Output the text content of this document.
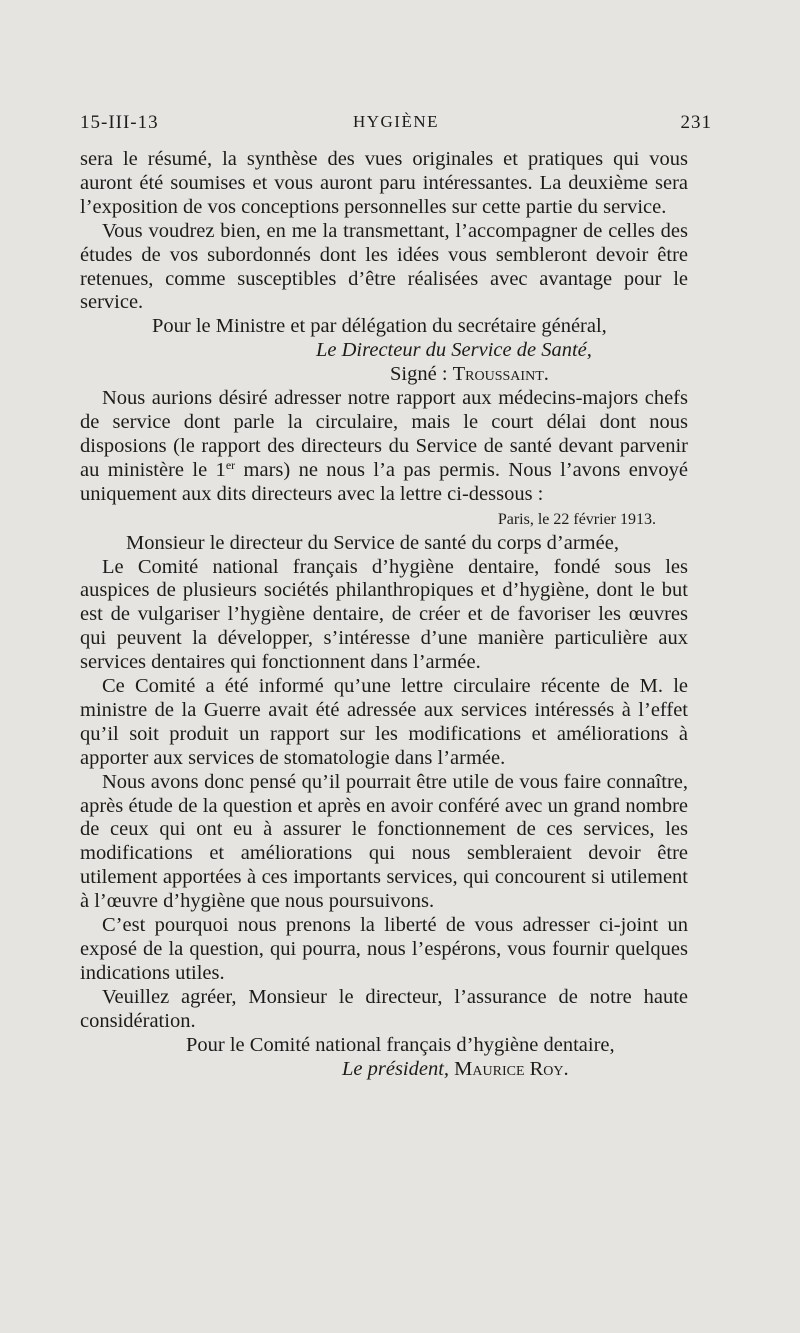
15-III-13	HYGIÈNE	231

sera le résumé, la synthèse des vues originales et pratiques qui vous auront été soumises et vous auront paru intéressantes. La deuxième sera l’exposition de vos conceptions personnelles sur cette partie du service.

Vous voudrez bien, en me la transmettant, l’accompagner de celles des études de vos subordonnés dont les idées vous sembleront devoir être retenues, comme susceptibles d’être réalisées avec avantage pour le service.

Pour le Ministre et par délégation du secrétaire général,

Le Directeur du Service de Santé,

Signé : Troussaint.

Nous aurions désiré adresser notre rapport aux médecins-majors chefs de service dont parle la circulaire, mais le court délai dont nous disposions (le rapport des directeurs du Service de santé devant parvenir au ministère le 1er mars) ne nous l’a pas permis. Nous l’avons envoyé uniquement aux dits directeurs avec la lettre ci-dessous :

Paris, le 22 février 1913.

Monsieur le directeur du Service de santé du corps d’armée,

Le Comité national français d’hygiène dentaire, fondé sous les auspices de plusieurs sociétés philanthropiques et d’hygiène, dont le but est de vulgariser l’hygiène dentaire, de créer et de favoriser les œuvres qui peuvent la développer, s’intéresse d’une manière particulière aux services dentaires qui fonctionnent dans l’armée.

Ce Comité a été informé qu’une lettre circulaire récente de M. le ministre de la Guerre avait été adressée aux services intéressés à l’effet qu’il soit produit un rapport sur les modifications et améliorations à apporter aux services de stomatologie dans l’armée.

Nous avons donc pensé qu’il pourrait être utile de vous faire connaître, après étude de la question et après en avoir conféré avec un grand nombre de ceux qui ont eu à assurer le fonctionnement de ces services, les modifications et améliorations qui nous sembleraient devoir être utilement apportées à ces importants services, qui concourent si utilement à l’œuvre d’hygiène que nous poursuivons.

C’est pourquoi nous prenons la liberté de vous adresser ci-joint un exposé de la question, qui pourra, nous l’espérons, vous fournir quelques indications utiles.

Veuillez agréer, Monsieur le directeur, l’assurance de notre haute considération.

Pour le Comité national français d’hygiène dentaire,

Le président, Maurice Roy.
